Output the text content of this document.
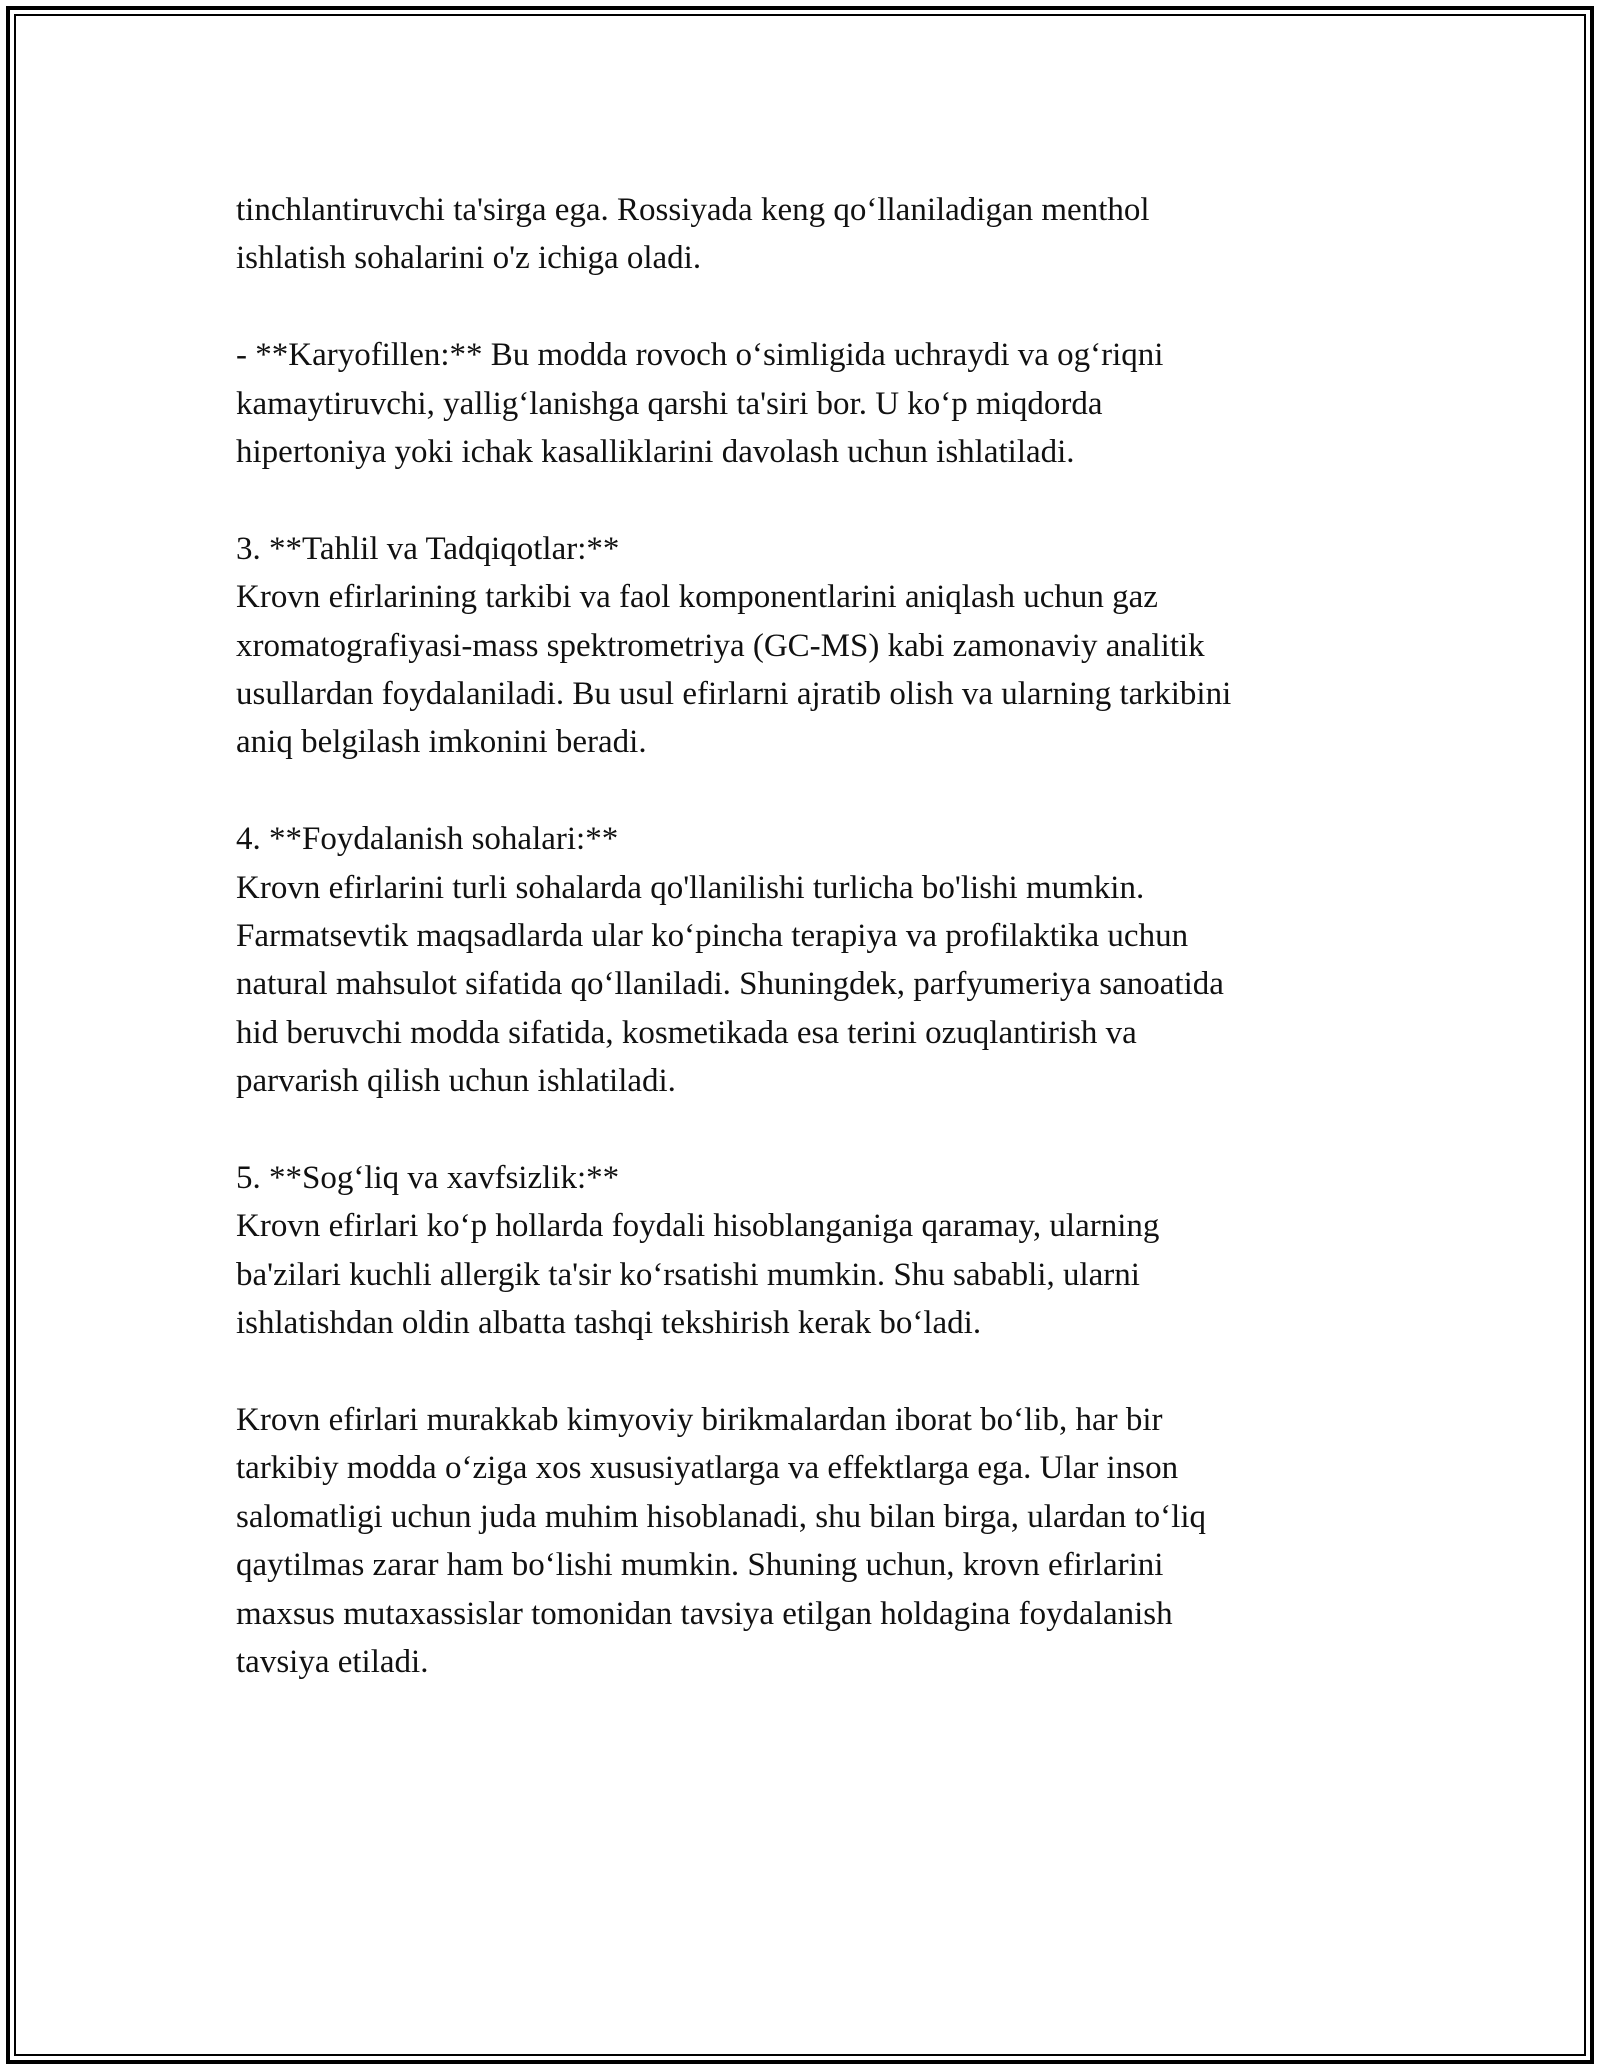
tinchlantiruvchi ta'sirga ega. Rossiyada keng qo‘llaniladigan menthol
ishlatish sohalarini o'z ichiga oladi.

- **Karyofillen:** Bu modda rovoch o‘simligida uchraydi va og‘riqni
kamaytiruvchi, yallig‘lanishga qarshi ta'siri bor. U ko‘p miqdorda
hipertoniya yoki ichak kasalliklarini davolash uchun ishlatiladi.

3. **Tahlil va Tadqiqotlar:**
Krovn efirlarining tarkibi va faol komponentlarini aniqlash uchun gaz
xromatografiyasi-mass spektrometriya (GC-MS) kabi zamonaviy analitik
usullardan foydalaniladi. Bu usul efirlarni ajratib olish va ularning tarkibini
aniq belgilash imkonini beradi.

4. **Foydalanish sohalari:**
Krovn efirlarini turli sohalarda qo'llanilishi turlicha bo'lishi mumkin.
Farmatsevtik maqsadlarda ular ko‘pincha terapiya va profilaktika uchun
natural mahsulot sifatida qo‘llaniladi. Shuningdek, parfyumeriya sanoatida
hid beruvchi modda sifatida, kosmetikada esa terini ozuqlantirish va
parvarish qilish uchun ishlatiladi.

5. **Sog‘liq va xavfsizlik:**
Krovn efirlari ko‘p hollarda foydali hisoblanganiga qaramay, ularning
ba'zilari kuchli allergik ta'sir ko‘rsatishi mumkin. Shu sababli, ularni
ishlatishdan oldin albatta tashqi tekshirish kerak bo‘ladi.

Krovn efirlari murakkab kimyoviy birikmalardan iborat bo‘lib, har bir
tarkibiy modda o‘ziga xos xususiyatlarga va effektlarga ega. Ular inson
salomatligi uchun juda muhim hisoblanadi, shu bilan birga, ulardan to‘liq
qaytilmas zarar ham bo‘lishi mumkin. Shuning uchun, krovn efirlarini
maxsus mutaxassislar tomonidan tavsiya etilgan holdagina foydalanish
tavsiya etiladi.
